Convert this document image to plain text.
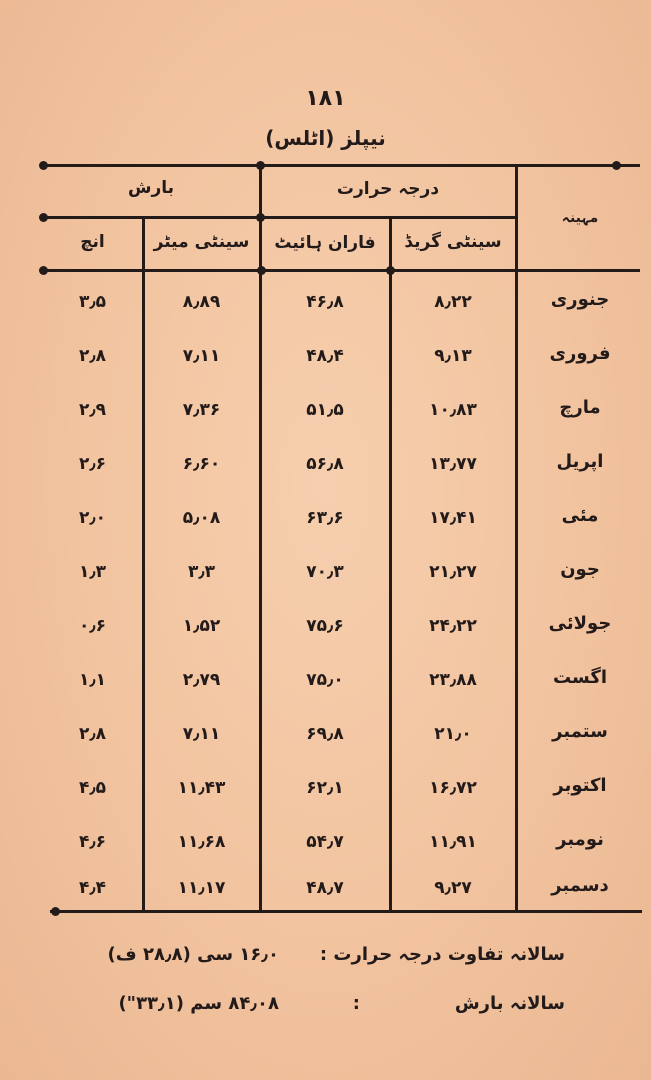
۱۸۱
نیپلز (اٹلس)
مہینہ
درجہ حرارت
بارش
سینٹی گریڈ
فاران ہائیٹ
سینٹی میٹر
انچ
جنوری
۸٫۲۲
۴۶٫۸
۸٫۸۹
۳٫۵
فروری
۹٫۱۳
۴۸٫۴
۷٫۱۱
۲٫۸
مارچ
۱۰٫۸۳
۵۱٫۵
۷٫۳۶
۲٫۹
اپریل
۱۳٫۷۷
۵۶٫۸
۶٫۶۰
۲٫۶
مئی
۱۷٫۴۱
۶۳٫۶
۵٫۰۸
۲٫۰
جون
۲۱٫۲۷
۷۰٫۳
۳٫۳
۱٫۳
جولائی
۲۴٫۲۲
۷۵٫۶
۱٫۵۲
۰٫۶
اگست
۲۳٫۸۸
۷۵٫۰
۲٫۷۹
۱٫۱
ستمبر
۲۱٫۰
۶۹٫۸
۷٫۱۱
۲٫۸
اکتوبر
۱۶٫۷۲
۶۲٫۱
۱۱٫۴۳
۴٫۵
نومبر
۱۱٫۹۱
۵۴٫۷
۱۱٫۶۸
۴٫۶
دسمبر
۹٫۲۷
۴۸٫۷
۱۱٫۱۷
۴٫۴
سالانہ تفاوت درجہ حرارت :
۱۶٫۰ سی (۲۸٫۸ ف)
سالانہ بارش
:
۸۴٫۰۸ سم (۳۳٫۱")
